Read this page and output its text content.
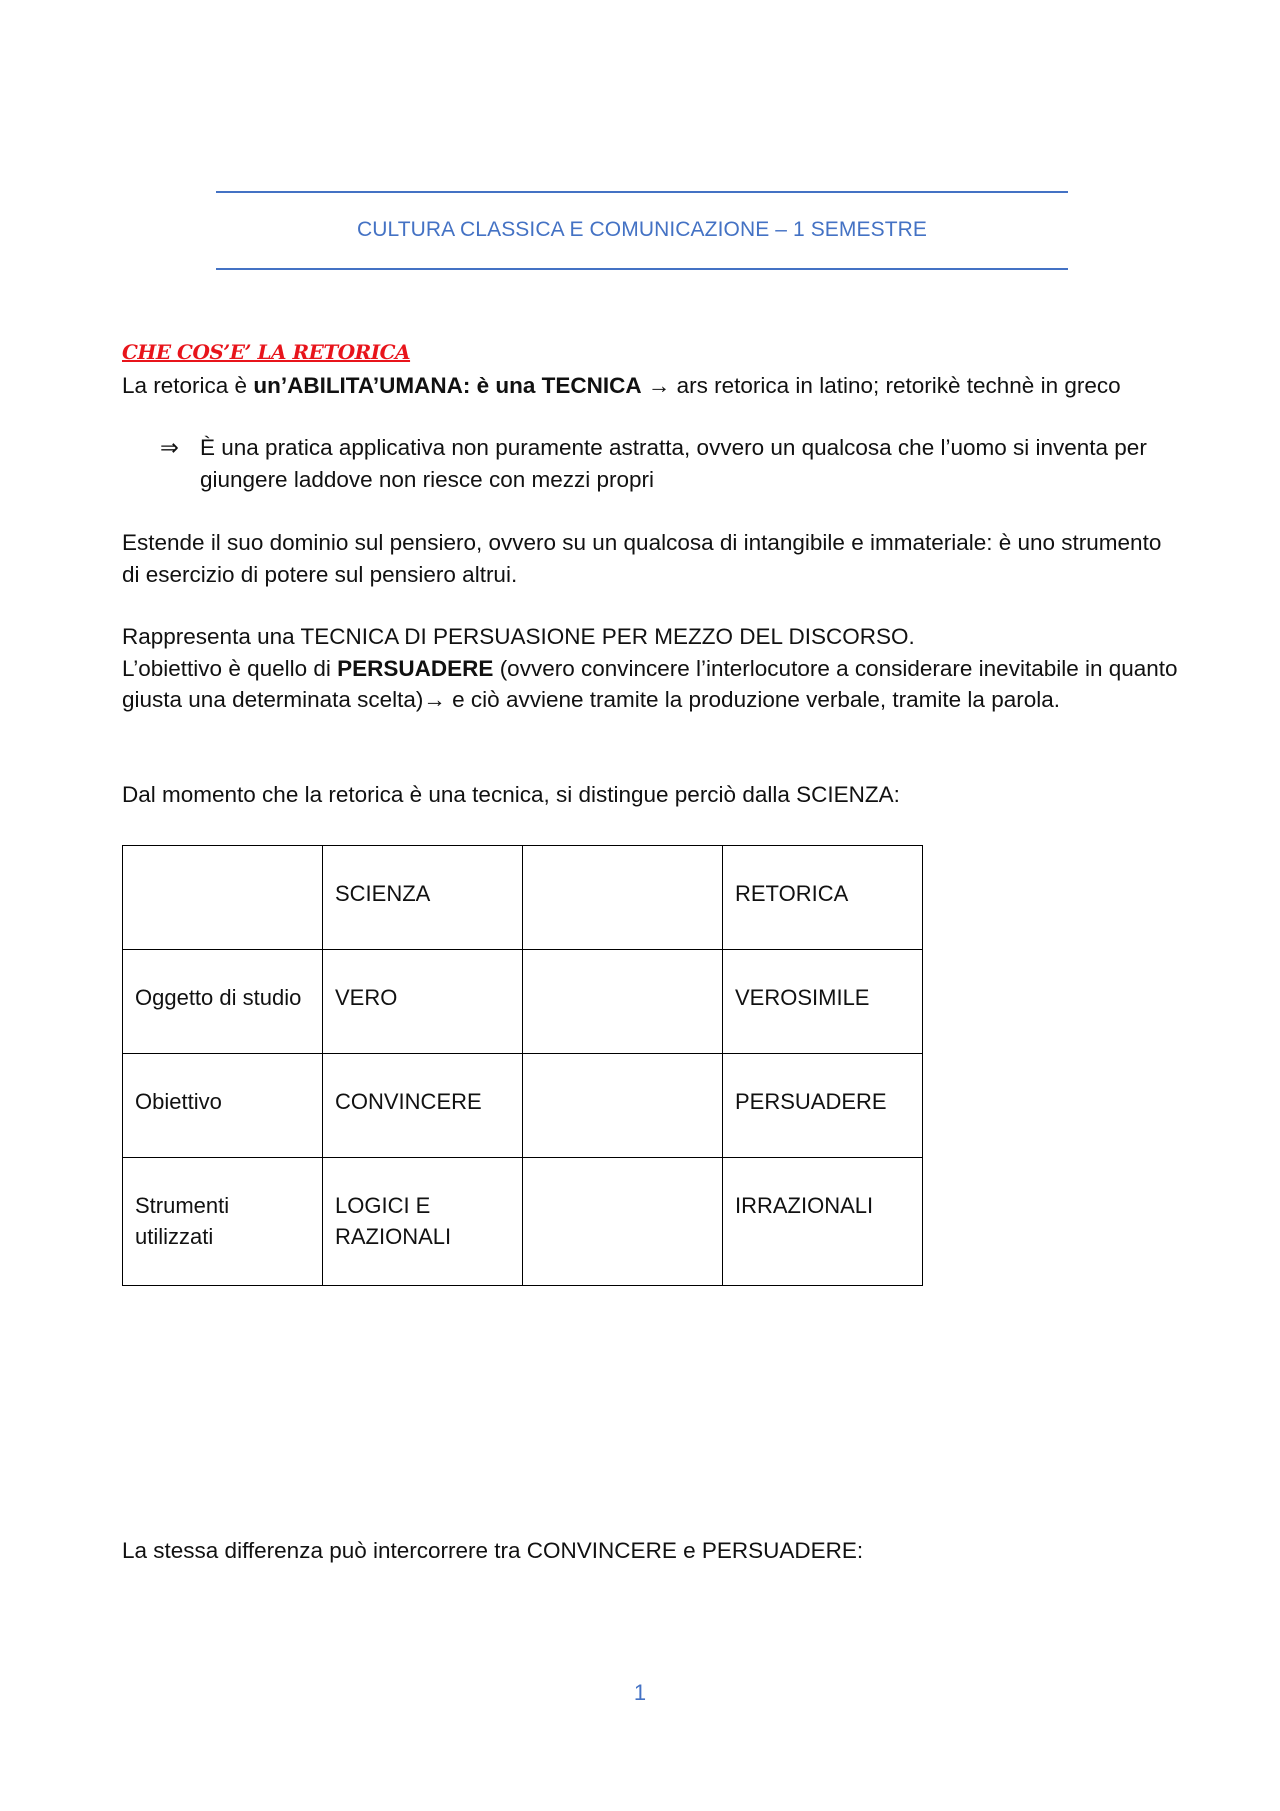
CULTURA CLASSICA E COMUNICAZIONE – 1 SEMESTRE
CHE COS’E’ LA RETORICA
La retorica è un’ABILITA’UMANA: è una TECNICA → ars retorica in latino; retorikè technè in greco
⇒ È una pratica applicativa non puramente astratta, ovvero un qualcosa che l’uomo si inventa per giungere laddove non riesce con mezzi propri
Estende il suo dominio sul pensiero, ovvero su un qualcosa di intangibile e immateriale: è uno strumento di esercizio di potere sul pensiero altrui.
Rappresenta una TECNICA DI PERSUASIONE PER MEZZO DEL DISCORSO.
L’obiettivo è quello di PERSUADERE (ovvero convincere l’interlocutore a considerare inevitabile in quanto giusta una determinata scelta)→ e ciò avviene tramite la produzione verbale, tramite la parola.
Dal momento che la retorica è una tecnica, si distingue perciò dalla SCIENZA:
	SCIENZA		RETORICA
Oggetto di studio	VERO		VEROSIMILE
Obiettivo	CONVINCERE		PERSUADERE
Strumenti utilizzati	LOGICI E RAZIONALI		IRRAZIONALI
La stessa differenza può intercorrere tra CONVINCERE e PERSUADERE:
1
